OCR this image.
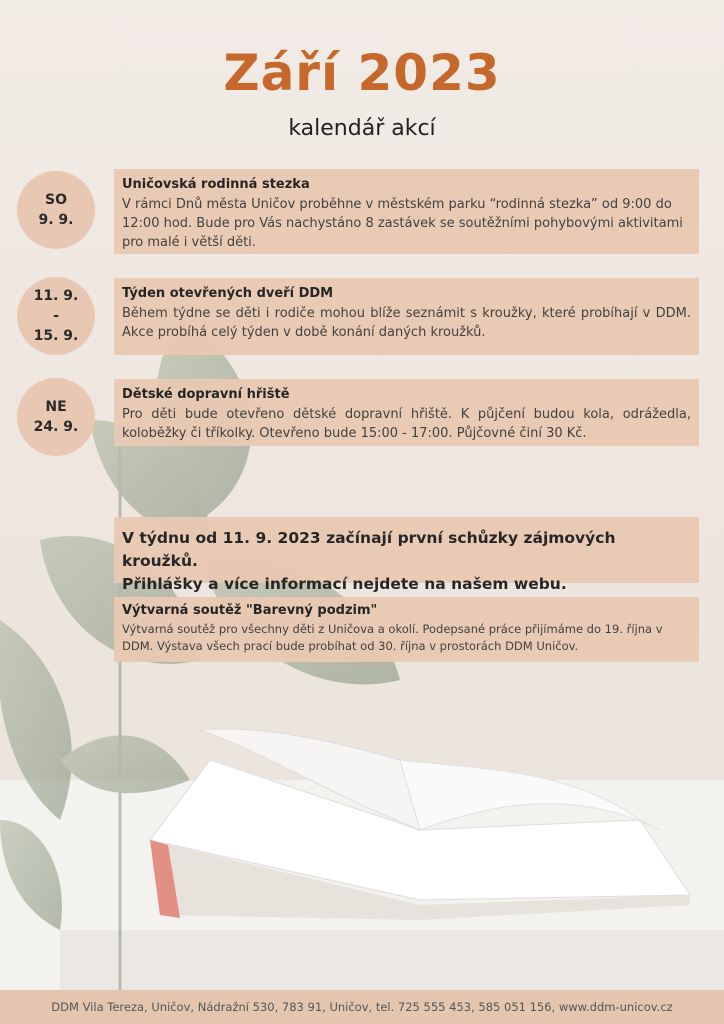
Září 2023
kalendář akcí
SO
9. 9.
Uničovská rodinná stezka
V rámci Dnů města Uničov proběhne v městském parku “rodinná stezka” od 9:00 do 12:00 hod. Bude pro Vás nachystáno 8 zastávek se soutěžními pohybovými aktivitami pro malé i větší děti.
11. 9.
-
15. 9.
Týden otevřených dveří DDM
Během týdne se děti i rodiče mohou blíže seznámit s kroužky, které probíhají v DDM. Akce probíhá celý týden v době konání daných kroužků.
NE
24. 9.
Dětské dopravní hřiště
Pro děti bude otevřeno dětské dopravní hřiště. K půjčení budou kola, odrážedla, koloběžky či tříkolky. Otevřeno bude 15:00 - 17:00. Půjčovné činí 30 Kč.
V týdnu od 11. 9. 2023 začínají první schůzky zájmových kroužků.
Přihlášky a více informací nejdete na našem webu.
Výtvarná soutěž "Barevný podzim"
Výtvarná soutěž pro všechny děti z Uničova a okolí. Podepsané práce přijímáme do 19. října v DDM. Výstava všech prací bude probíhat od 30. října v prostorách DDM Uničov.
DDM Vila Tereza, Uničov, Nádražní 530, 783 91, Uničov, tel. 725 555 453, 585 051 156, www.ddm-unicov.cz
